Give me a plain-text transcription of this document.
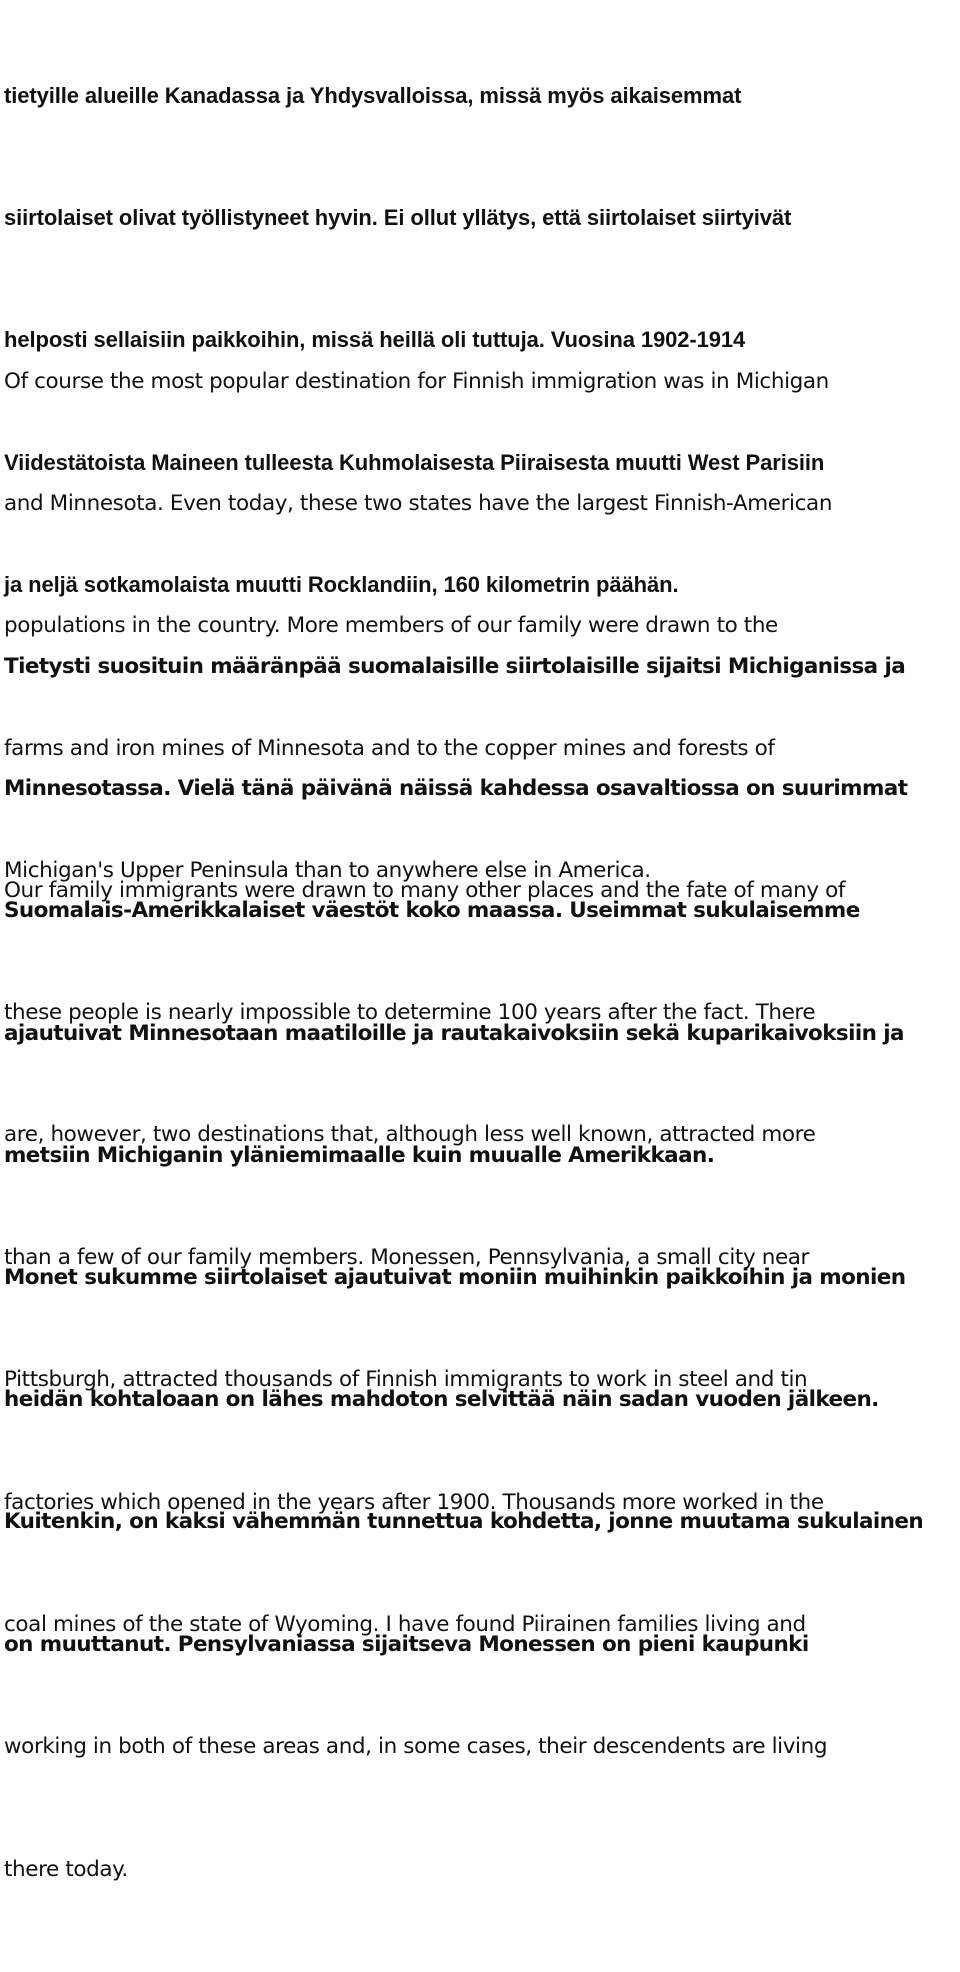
tietyille alueille Kanadassa ja Yhdysvalloissa, missä myös aikaisemmat

siirtolaiset olivat työllistyneet hyvin. Ei ollut yllätys, että siirtolaiset siirtyivät

helposti sellaisiin paikkoihin, missä heillä oli tuttuja. Vuosina 1902-1914

Viidestätoista Maineen tulleesta Kuhmolaisesta Piiraisesta muutti West Parisiin

ja neljä sotkamolaista muutti Rocklandiin, 160 kilometrin päähän.

Of course the most popular destination for Finnish immigration was in Michigan

and Minnesota. Even today, these two states have the largest Finnish-American

populations in the country. More members of our family were drawn to the

farms and iron mines of Minnesota and to the copper mines and forests of

Michigan's Upper Peninsula than to anywhere else in America.

Tietysti suosituin määränpää suomalaisille siirtolaisille sijaitsi Michiganissa ja

Minnesotassa. Vielä tänä päivänä näissä kahdessa osavaltiossa on suurimmat

Suomalais-Amerikkalaiset väestöt koko maassa. Useimmat sukulaisemme

ajautuivat Minnesotaan maatiloille ja rautakaivoksiin sekä kuparikaivoksiin ja

metsiin Michiganin yläniemimaalle kuin muualle Amerikkaan.

Our family immigrants were drawn to many other places and the fate of many of

these people is nearly impossible to determine 100 years after the fact. There

are, however, two destinations that, although less well known, attracted more

than a few of our family members. Monessen, Pennsylvania, a small city near

Pittsburgh, attracted thousands of Finnish immigrants to work in steel and tin

factories which opened in the years after 1900. Thousands more worked in the

coal mines of the state of Wyoming. I have found Piirainen families living and

working in both of these areas and, in some cases, their descendents are living

there today.

Monet sukumme siirtolaiset ajautuivat moniin muihinkin paikkoihin ja monien

heidän kohtaloaan on lähes mahdoton selvittää näin sadan vuoden jälkeen.

Kuitenkin, on kaksi vähemmän tunnettua kohdetta, jonne muutama sukulainen

on muuttanut. Pensylvaniassa sijaitseva Monessen on pieni kaupunki
